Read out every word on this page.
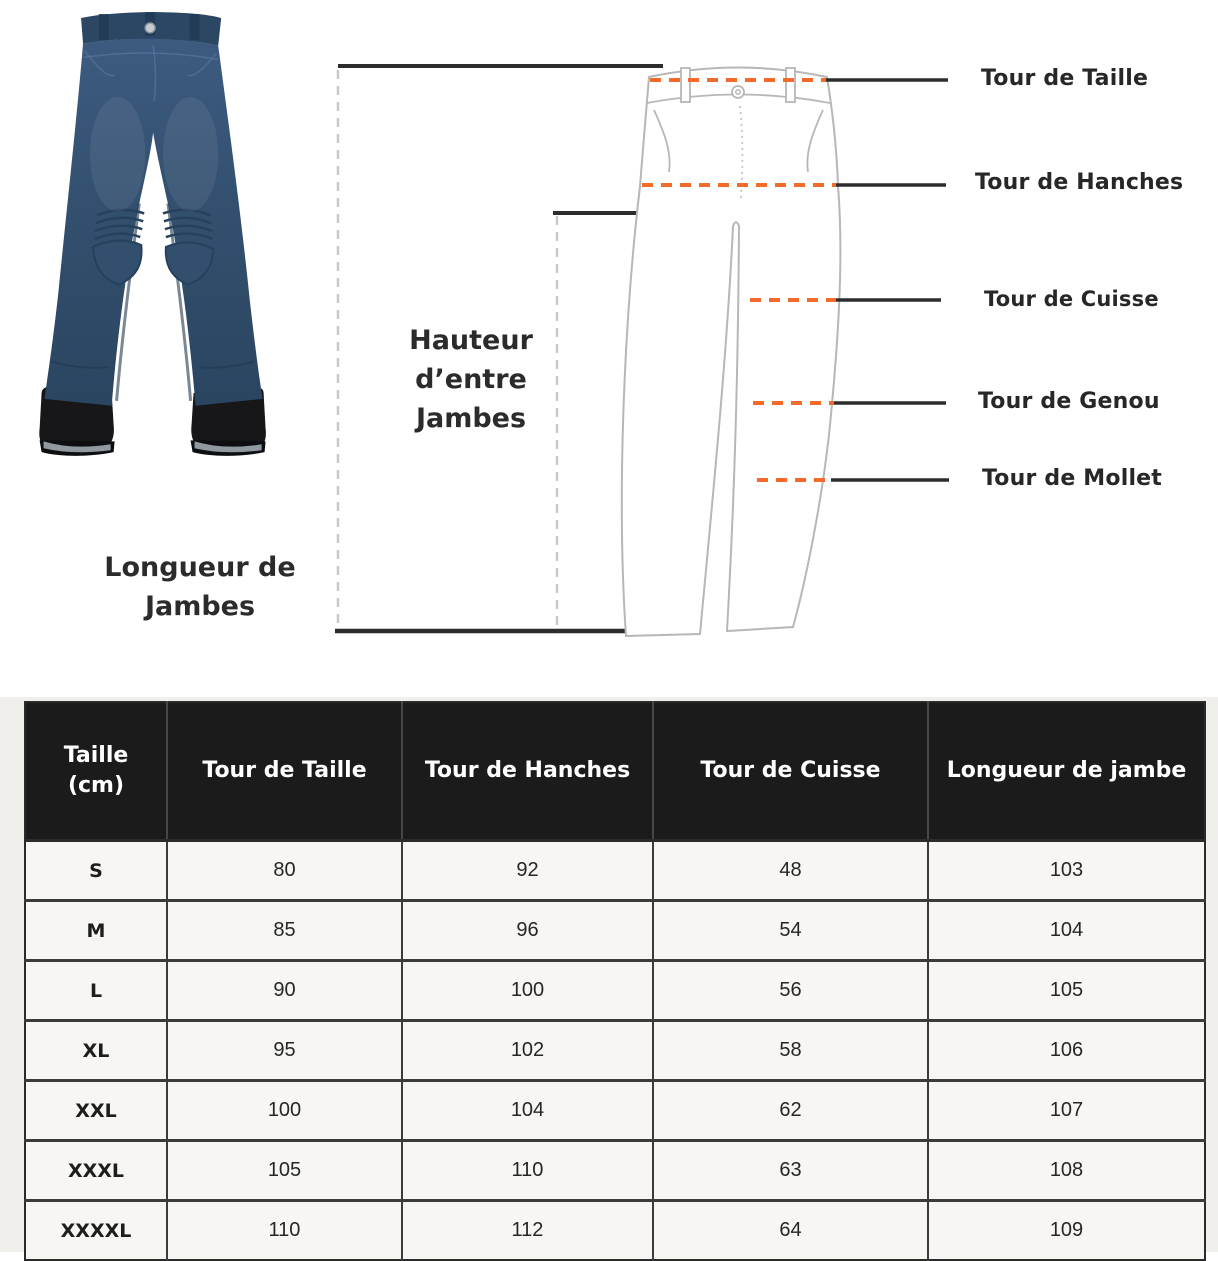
Tour de Taille
Tour de Hanches
Tour de Cuisse
Tour de Genou
Tour de Mollet
Hauteur
d’entre
Jambes
Longueur de
Jambes
Taille (cm)	Tour de Taille	Tour de Hanches	Tour de Cuisse	Longueur de jambe
S	80	92	48	103
M	85	96	54	104
L	90	100	56	105
XL	95	102	58	106
XXL	100	104	62	107
XXXL	105	110	63	108
XXXXL	110	112	64	109
